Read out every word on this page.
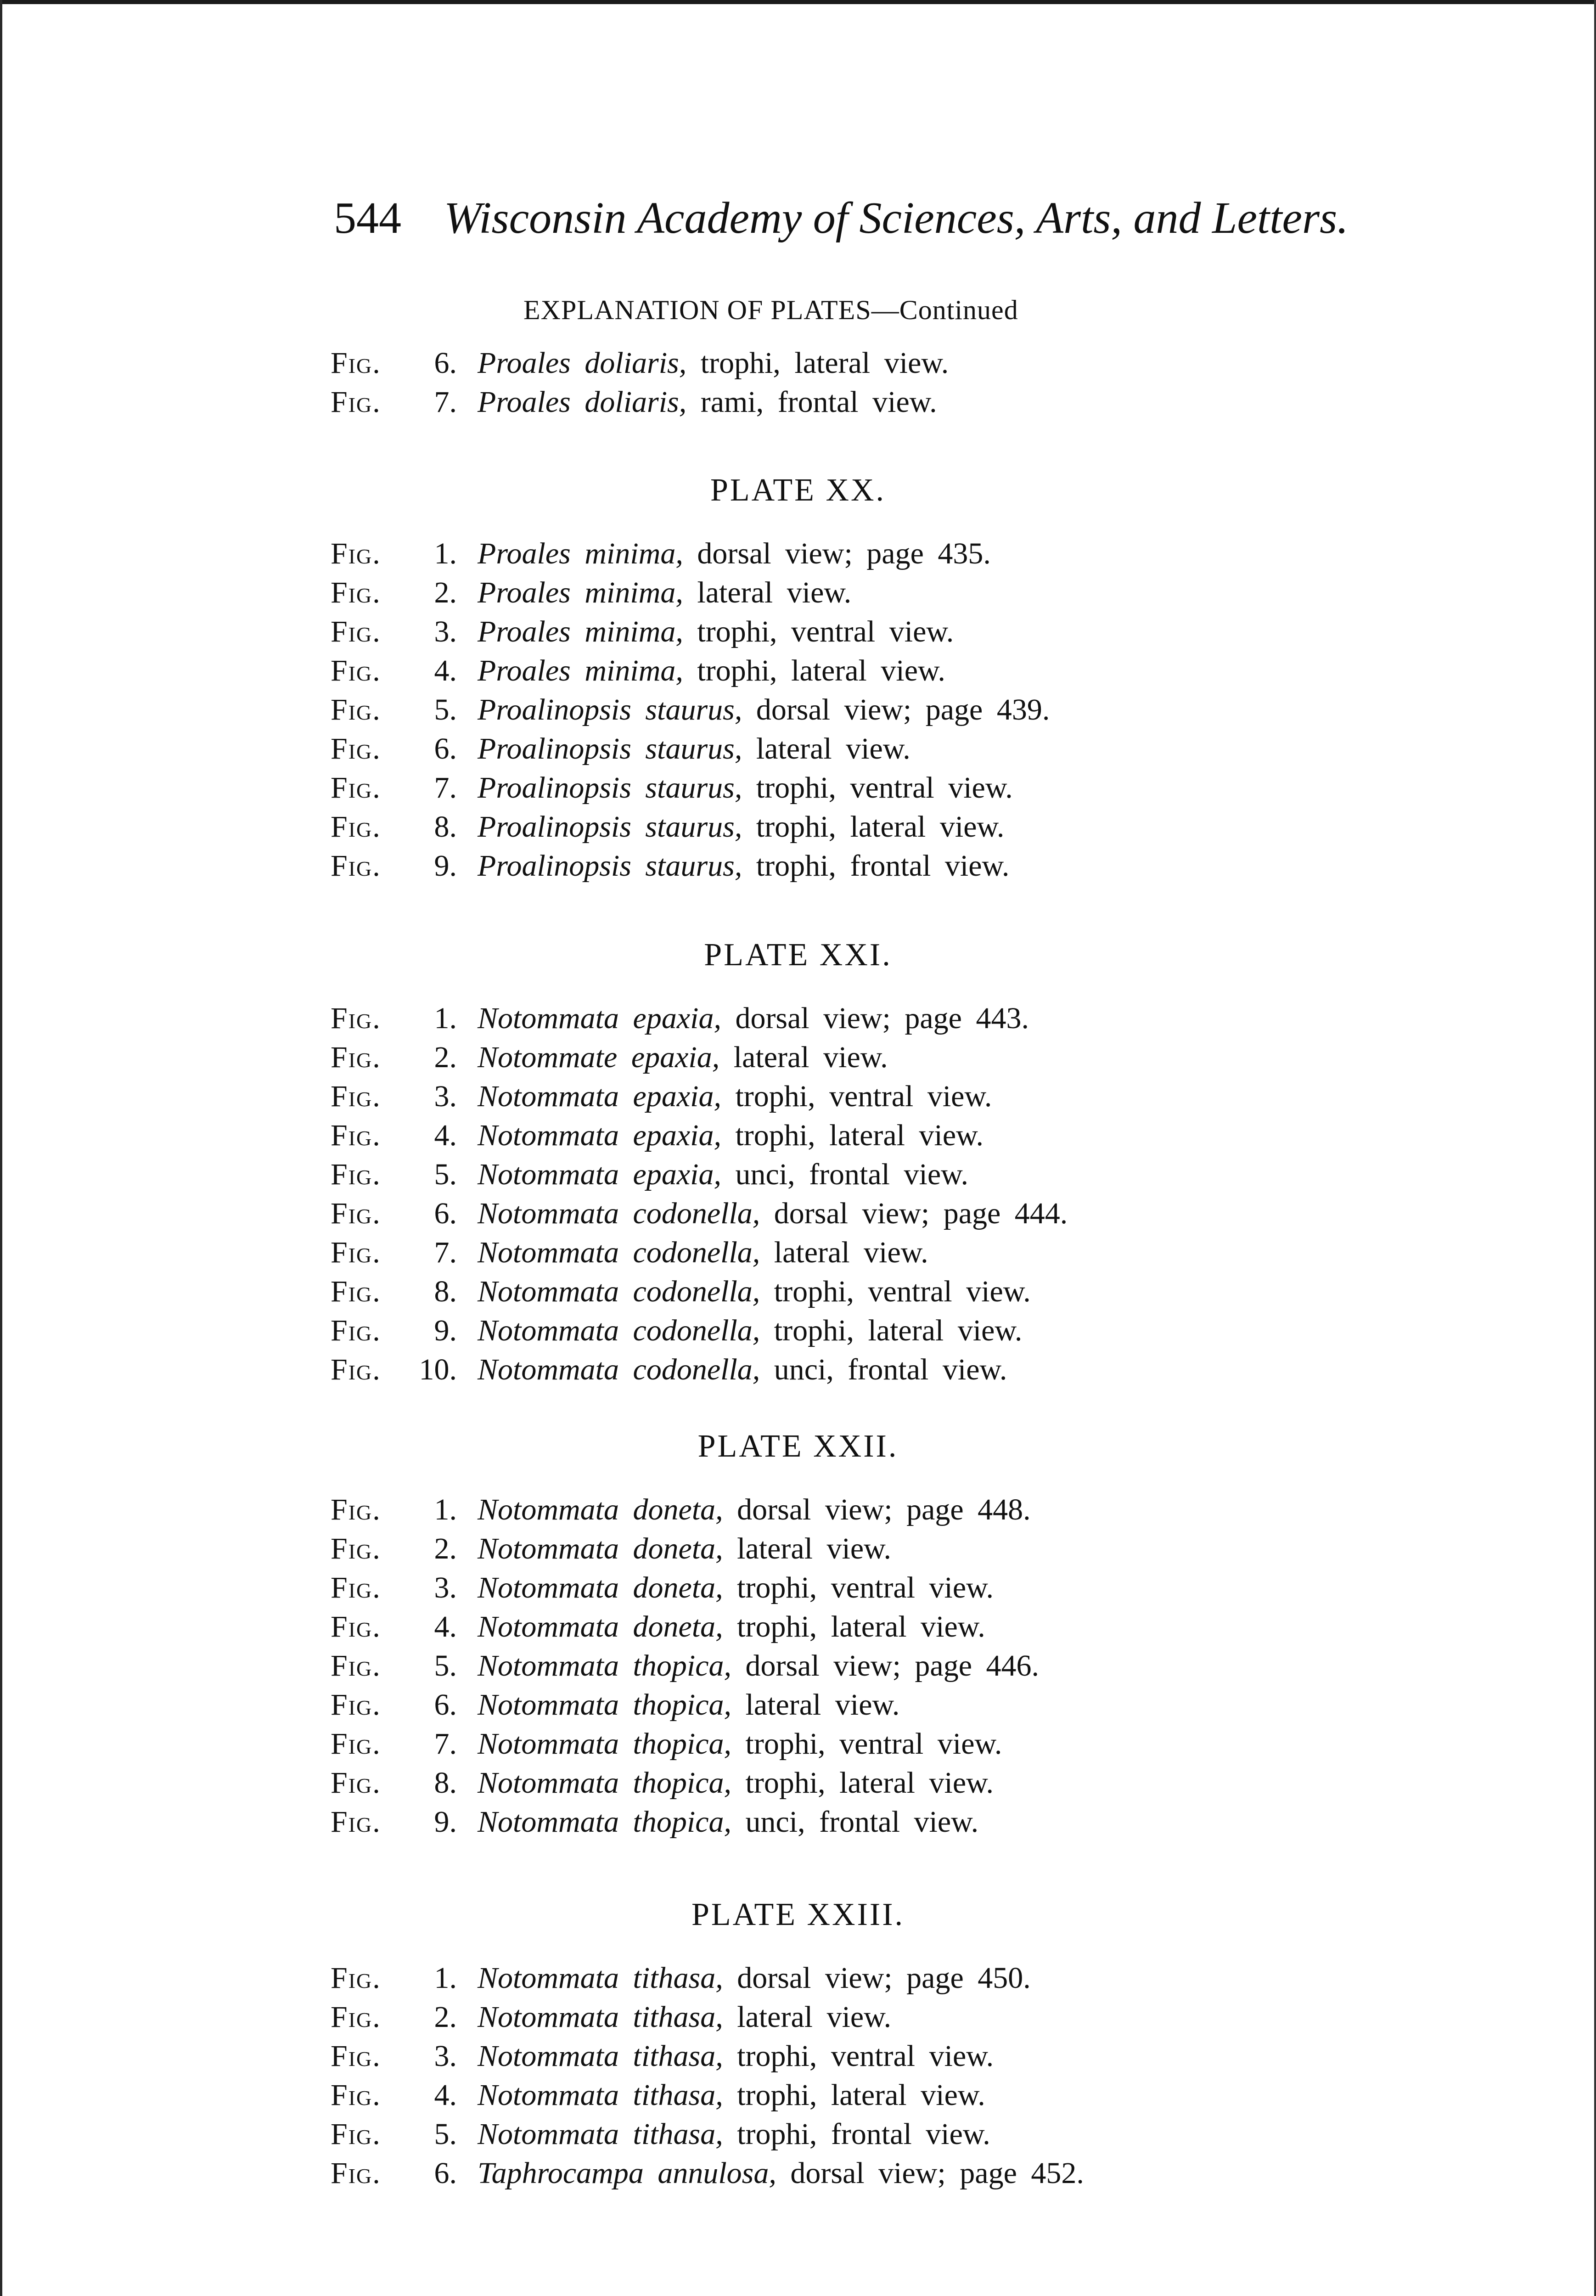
544 Wisconsin Academy of Sciences, Arts, and Letters.
EXPLANATION OF PLATES—Continued
Fig. 6. Proales doliaris, trophi, lateral view.
Fig. 7. Proales doliaris, rami, frontal view.
PLATE XX.
Fig. 1. Proales minima, dorsal view; page 435.
Fig. 2. Proales minima, lateral view.
Fig. 3. Proales minima, trophi, ventral view.
Fig. 4. Proales minima, trophi, lateral view.
Fig. 5. Proalinopsis staurus, dorsal view; page 439.
Fig. 6. Proalinopsis staurus, lateral view.
Fig. 7. Proalinopsis staurus, trophi, ventral view.
Fig. 8. Proalinopsis staurus, trophi, lateral view.
Fig. 9. Proalinopsis staurus, trophi, frontal view.
PLATE XXI.
Fig. 1. Notommata epaxia, dorsal view; page 443.
Fig. 2. Notommate epaxia, lateral view.
Fig. 3. Notommata epaxia, trophi, ventral view.
Fig. 4. Notommata epaxia, trophi, lateral view.
Fig. 5. Notommata epaxia, unci, frontal view.
Fig. 6. Notommata codonella, dorsal view; page 444.
Fig. 7. Notommata codonella, lateral view.
Fig. 8. Notommata codonella, trophi, ventral view.
Fig. 9. Notommata codonella, trophi, lateral view.
Fig. 10. Notommata codonella, unci, frontal view.
PLATE XXII.
Fig. 1. Notommata doneta, dorsal view; page 448.
Fig. 2. Notommata doneta, lateral view.
Fig. 3. Notommata doneta, trophi, ventral view.
Fig. 4. Notommata doneta, trophi, lateral view.
Fig. 5. Notommata thopica, dorsal view; page 446.
Fig. 6. Notommata thopica, lateral view.
Fig. 7. Notommata thopica, trophi, ventral view.
Fig. 8. Notommata thopica, trophi, lateral view.
Fig. 9. Notommata thopica, unci, frontal view.
PLATE XXIII.
Fig. 1. Notommata tithasa, dorsal view; page 450.
Fig. 2. Notommata tithasa, lateral view.
Fig. 3. Notommata tithasa, trophi, ventral view.
Fig. 4. Notommata tithasa, trophi, lateral view.
Fig. 5. Notommata tithasa, trophi, frontal view.
Fig. 6. Taphrocampa annulosa, dorsal view; page 452.
